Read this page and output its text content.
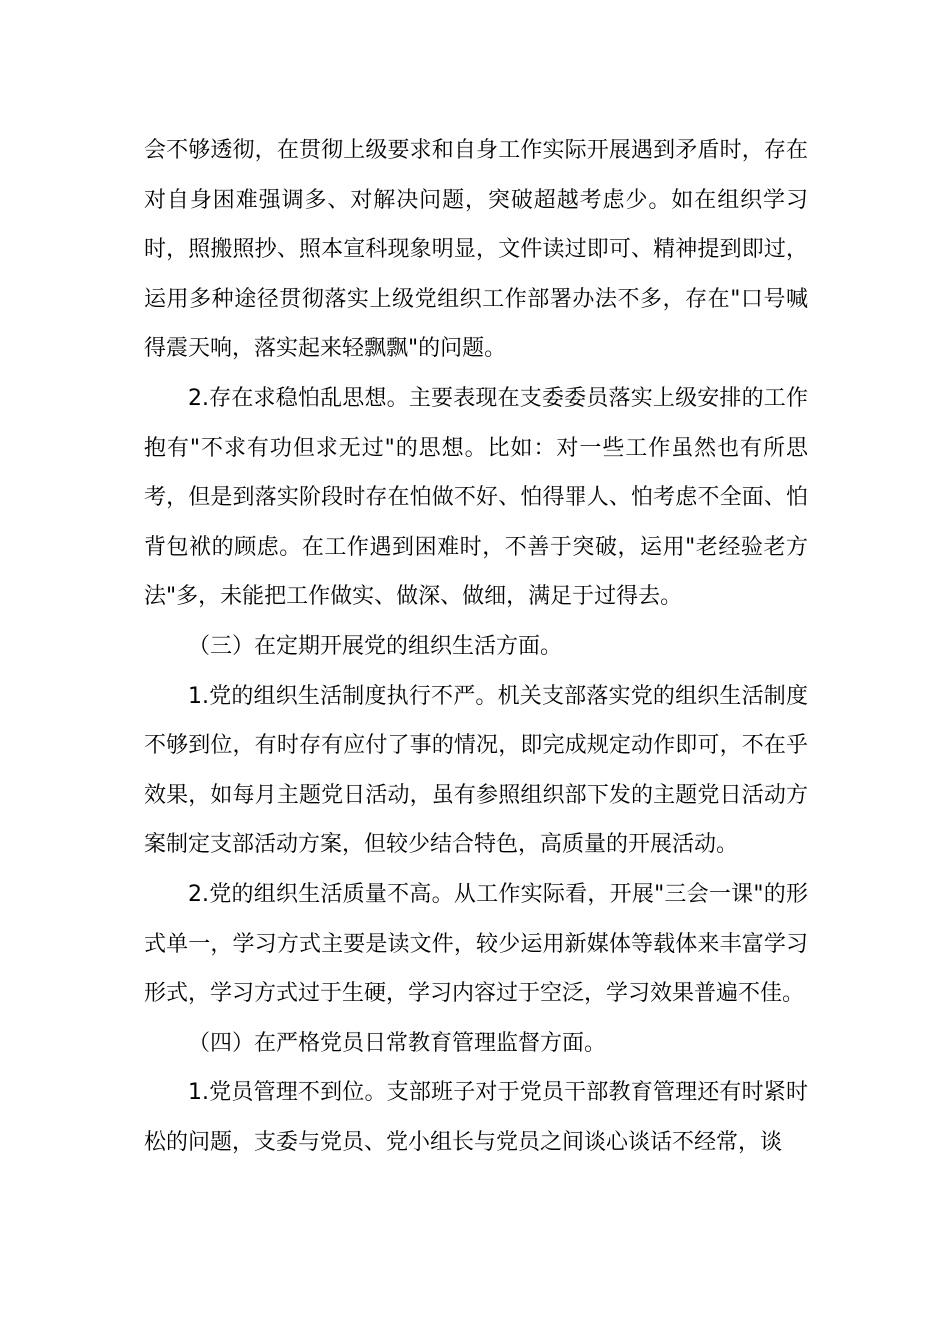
会不够透彻，在贯彻上级要求和自身工作实际开展遇到矛盾时，存在对自身困难强调多、对解决问题，突破超越考虑少。如在组织学习时，照搬照抄、照本宣科现象明显，文件读过即可、精神提到即过，运用多种途径贯彻落实上级党组织工作部署办法不多，存在"口号喊得震天响，落实起来轻飘飘"的问题。

2.存在求稳怕乱思想。主要表现在支委委员落实上级安排的工作抱有"不求有功但求无过"的思想。比如：对一些工作虽然也有所思考，但是到落实阶段时存在怕做不好、怕得罪人、怕考虑不全面、怕背包袱的顾虑。在工作遇到困难时，不善于突破，运用"老经验老方法"多，未能把工作做实、做深、做细，满足于过得去。

（三）在定期开展党的组织生活方面。

1.党的组织生活制度执行不严。机关支部落实党的组织生活制度不够到位，有时存有应付了事的情况，即完成规定动作即可，不在乎效果，如每月主题党日活动，虽有参照组织部下发的主题党日活动方案制定支部活动方案，但较少结合特色，高质量的开展活动。

2.党的组织生活质量不高。从工作实际看，开展"三会一课"的形式单一，学习方式主要是读文件，较少运用新媒体等载体来丰富学习形式，学习方式过于生硬，学习内容过于空泛，学习效果普遍不佳。

（四）在严格党员日常教育管理监督方面。

1.党员管理不到位。支部班子对于党员干部教育管理还有时紧时松的问题，支委与党员、党小组长与党员之间谈心谈话不经常，谈
